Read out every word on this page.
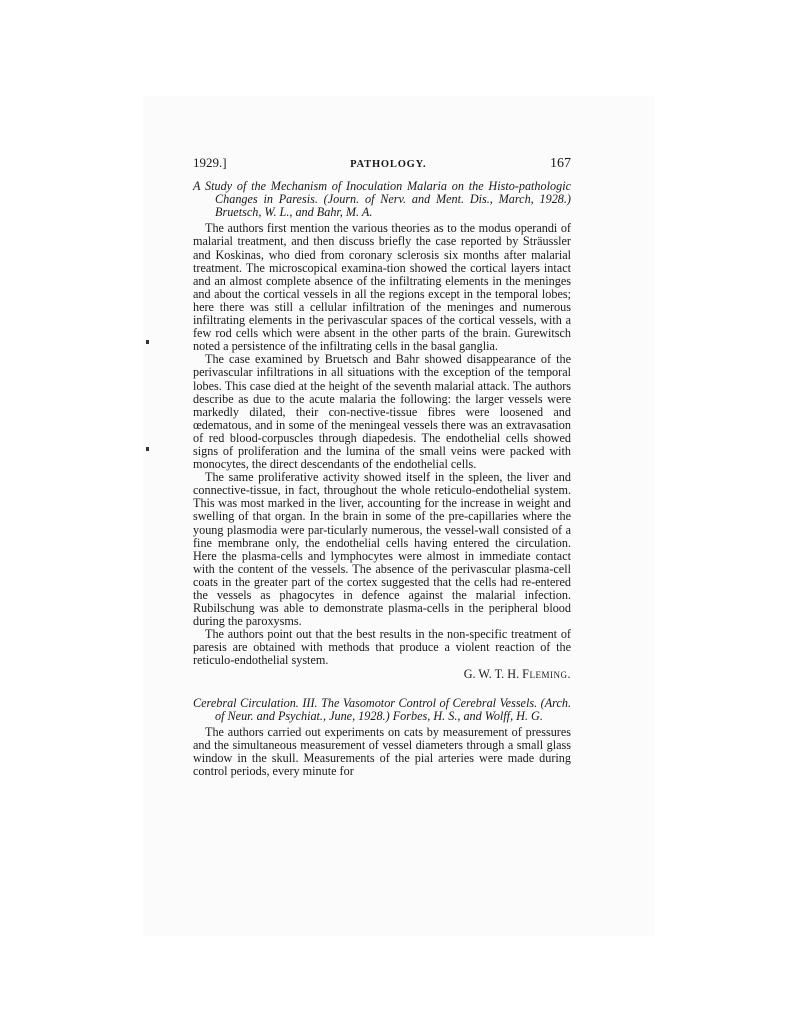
1929.]	PATHOLOGY.	167

A Study of the Mechanism of Inoculation Malaria on the Histo-pathologic Changes in Paresis. (Journ. of Nerv. and Ment. Dis., March, 1928.) Bruetsch, W. L., and Bahr, M. A.

The authors first mention the various theories as to the modus operandi of malarial treatment, and then discuss briefly the case reported by Sträussler and Koskinas, who died from coronary sclerosis six months after malarial treatment. The microscopical examina-tion showed the cortical layers intact and an almost complete absence of the infiltrating elements in the meninges and about the cortical vessels in all the regions except in the temporal lobes; here there was still a cellular infiltration of the meninges and numerous infiltrating elements in the perivascular spaces of the cortical vessels, with a few rod cells which were absent in the other parts of the brain. Gurewitsch noted a persistence of the infiltrating cells in the basal ganglia.

The case examined by Bruetsch and Bahr showed disappearance of the perivascular infiltrations in all situations with the exception of the temporal lobes. This case died at the height of the seventh malarial attack. The authors describe as due to the acute malaria the following: the larger vessels were markedly dilated, their con-nective-tissue fibres were loosened and œdematous, and in some of the meningeal vessels there was an extravasation of red blood-corpuscles through diapedesis. The endothelial cells showed signs of proliferation and the lumina of the small veins were packed with monocytes, the direct descendants of the endothelial cells.

The same proliferative activity showed itself in the spleen, the liver and connective-tissue, in fact, throughout the whole reticulo-endothelial system. This was most marked in the liver, accounting for the increase in weight and swelling of that organ. In the brain in some of the pre-capillaries where the young plasmodia were par-ticularly numerous, the vessel-wall consisted of a fine membrane only, the endothelial cells having entered the circulation. Here the plasma-cells and lymphocytes were almost in immediate contact with the content of the vessels. The absence of the perivascular plasma-cell coats in the greater part of the cortex suggested that the cells had re-entered the vessels as phagocytes in defence against the malarial infection. Rubilschung was able to demonstrate plasma-cells in the peripheral blood during the paroxysms.

The authors point out that the best results in the non-specific treatment of paresis are obtained with methods that produce a violent reaction of the reticulo-endothelial system.

G. W. T. H. Fleming.

Cerebral Circulation. III. The Vasomotor Control of Cerebral Vessels. (Arch. of Neur. and Psychiat., June, 1928.) Forbes, H. S., and Wolff, H. G.

The authors carried out experiments on cats by measurement of pressures and the simultaneous measurement of vessel diameters through a small glass window in the skull. Measurements of the pial arteries were made during control periods, every minute for
